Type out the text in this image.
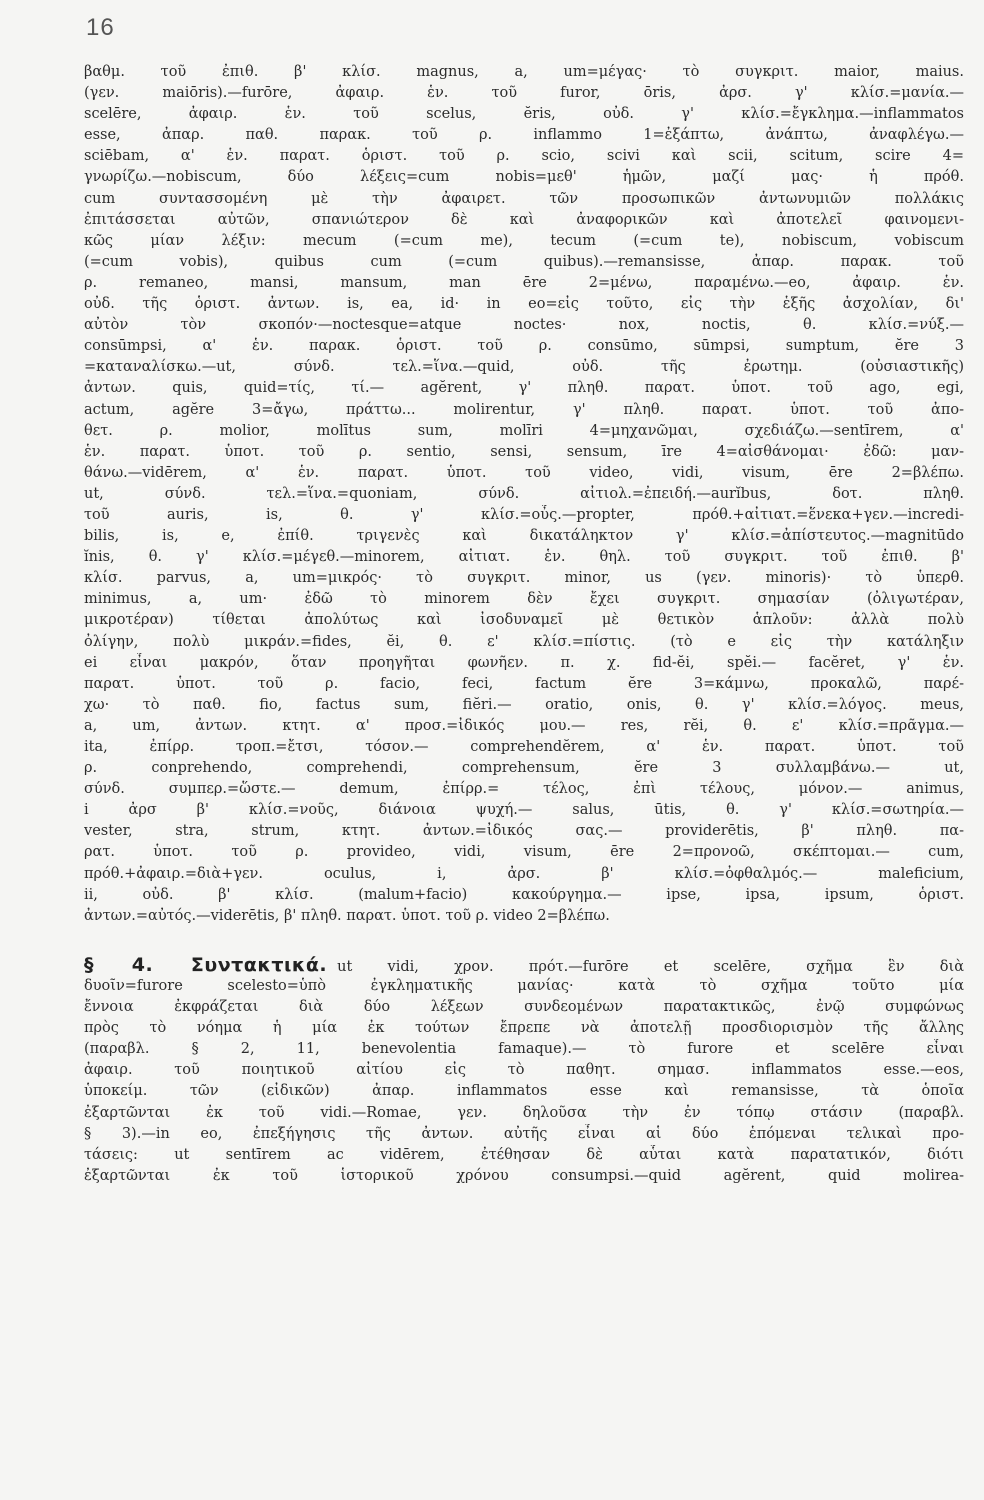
16
βαθμ. τοῦ ἐπιθ. β' κλίσ. magnus, a, um=μέγας· τὸ συγκριτ. maior, maius.
(γεν. maiōris).—furōre, ἀφαιρ. ἑν. τοῦ furor, ōris, ἀρσ. γ' κλίσ.=μανία.—
scelēre, ἀφαιρ. ἑν. τοῦ scelus, ĕris, οὐδ. γ' κλίσ.=ἔγκλημα.—inflammatos
esse, ἀπαρ. παθ. παρακ. τοῦ ρ. inflammo 1=ἐξάπτω, ἀνάπτω, ἀναφλέγω.—
sciēbam, α' ἑν. παρατ. ὁριστ. τοῦ ρ. scio, scivi καὶ scii, scitum, scire 4=
γνωρίζω.—nobiscum, δύο λέξεις=cum nobis=μεθ' ἡμῶν, μαζί μας· ἡ πρόθ.
cum συντασσομένη μὲ τὴν ἀφαιρετ. τῶν προσωπικῶν ἀντωνυμιῶν πολλάκις
ἐπιτάσσεται αὐτῶν, σπανιώτερον δὲ καὶ ἀναφορικῶν καὶ ἀποτελεῖ φαινομενι-
κῶς μίαν λέξιν: mecum (=cum me), tecum (=cum te), nobiscum, vobiscum
(=cum vobis), quibus cum (=cum quibus).—remansisse, ἀπαρ. παρακ. τοῦ
ρ. remaneo, mansi, mansum, man ēre 2=μένω, παραμένω.—eo, ἀφαιρ. ἑν.
οὐδ. τῆς ὁριστ. ἀντων. is, ea, id· in eo=εἰς τοῦτο, εἰς τὴν ἑξῆς ἀσχολίαν, δι'
αὐτὸν τὸν σκοπόν·—noctesque=atque noctes· nox, noctis, θ. κλίσ.=νύξ.—
consūmpsi, α' ἑν. παρακ. ὁριστ. τοῦ ρ. consūmo, sūmpsi, sumptum, ĕre 3
=καταναλίσκω.—ut, σύνδ. τελ.=ἵνα.—quid, οὐδ. τῆς ἐρωτημ. (οὐσιαστικῆς)
ἀντων. quis, quid=τίς, τί.— agĕrent, γ' πληθ. παρατ. ὑποτ. τοῦ ago, egi,
actum, agĕre 3=ἄγω, πράττω... molirentur, γ' πληθ. παρατ. ὑποτ. τοῦ ἀπο-
θετ. ρ. molior, molītus sum, molīri 4=μηχανῶμαι, σχεδιάζω.—sentīrem, α'
ἑν. παρατ. ὑποτ. τοῦ ρ. sentio, sensi, sensum, īre 4=αἰσθάνομαι· ἐδῶ: μαν-
θάνω.—vidērem, α' ἑν. παρατ. ὑποτ. τοῦ video, vidi, visum, ēre 2=βλέπω.
ut, σύνδ. τελ.=ἵνα.=quoniam, σύνδ. αἰτιολ.=ἐπειδή.—aurĭbus, δοτ. πληθ.
τοῦ auris, is, θ. γ' κλίσ.=οὖς.—propter, πρόθ.+αἰτιατ.=ἕνεκα+γεν.—incredi-
bilis, is, e, ἐπίθ. τριγενὲς καὶ δικατάληκτον γ' κλίσ.=ἀπίστευτος.—magnitūdo
ĭnis, θ. γ' κλίσ.=μέγεθ.—minorem, αἰτιατ. ἑν. θηλ. τοῦ συγκριτ. τοῦ ἐπιθ. β'
κλίσ. parvus, a, um=μικρός· τὸ συγκριτ. minor, us (γεν. minoris)· τὸ ὑπερθ.
minimus, a, um· ἐδῶ τὸ minorem δὲν ἔχει συγκριτ. σημασίαν (ὀλιγωτέραν,
μικροτέραν) τίθεται ἀπολύτως καὶ ἰσοδυναμεῖ μὲ θετικὸν ἁπλοῦν: ἀλλὰ πολὺ
ὀλίγην, πολὺ μικράν.=fides, ĕi, θ. ε' κλίσ.=πίστις. (τὸ e εἰς τὴν κατάληξιν
ei εἶναι μακρόν, ὅταν προηγῆται φωνῆεν. π. χ. fid-ĕi, spĕi.— facĕret, γ' ἑν.
παρατ. ὑποτ. τοῦ ρ. facio, feci, factum ĕre 3=κάμνω, προκαλῶ, παρέ-
χω· τὸ παθ. fio, factus sum, fiĕri.— oratio, onis, θ. γ' κλίσ.=λόγος. meus,
a, um, ἀντων. κτητ. α' προσ.=ἰδικός μου.— res, rĕi, θ. ε' κλίσ.=πρᾶγμα.—
ita, ἐπίρρ. τροπ.=ἔτσι, τόσον.— comprehendĕrem, α' ἑν. παρατ. ὑποτ. τοῦ
ρ. conprehendo, comprehendi, comprehensum, ĕre 3 συλλαμβάνω.— ut,
σύνδ. συμπερ.=ὥστε.— demum, ἐπίρρ.= τέλος, ἐπὶ τέλους, μόνον.— animus,
i ἀρσ β' κλίσ.=νοῦς, διάνοια ψυχή.— salus, ūtis, θ. γ' κλίσ.=σωτηρία.—
vester, stra, strum, κτητ. ἀντων.=ἰδικός σας.— providerētis, β' πληθ. πα-
ρατ. ὑποτ. τοῦ ρ. provideo, vidi, visum, ēre 2=προνοῶ, σκέπτομαι.— cum,
πρόθ.+ἀφαιρ.=διὰ+γεν. oculus, i, ἀρσ. β' κλίσ.=ὀφθαλμός.— maleficium,
ii, οὐδ. β' κλίσ. (malum+facio) κακούργημα.— ipse, ipsa, ipsum, ὁριστ.
ἀντων.=αὐτός.—viderētis, β' πληθ. παρατ. ὑποτ. τοῦ ρ. video 2=βλέπω.
§ 4. Συντακτικά. ut vidi, χρον. πρότ.—furōre et scelēre, σχῆμα ἓν διὰ
δυοῖν=furore scelesto=ὑπὸ ἐγκληματικῆς μανίας· κατὰ τὸ σχῆμα τοῦτο μία
ἔννοια ἐκφράζεται διὰ δύο λέξεων συνδεομένων παρατακτικῶς, ἐνῷ συμφώνως
πρὸς τὸ νόημα ἡ μία ἐκ τούτων ἔπρεπε νὰ ἀποτελῇ προσδιορισμὸν τῆς ἄλλης
(παραβλ. § 2, 11, benevolentia famaque).— τὸ furore et scelēre εἶναι
ἀφαιρ. τοῦ ποιητικοῦ αἰτίου εἰς τὸ παθητ. σημασ. inflammatos esse.—eos,
ὑποκείμ. τῶν (εἰδικῶν) ἀπαρ. inflammatos esse καὶ remansisse, τὰ ὁποῖα
ἐξαρτῶνται ἐκ τοῦ vidi.—Romae, γεν. δηλοῦσα τὴν ἐν τόπῳ στάσιν (παραβλ.
§ 3).—in eo, ἐπεξήγησις τῆς ἀντων. αὐτῆς εἶναι αἱ δύο ἑπόμεναι τελικαὶ προ-
τάσεις: ut sentīrem ac vidērem, ἐτέθησαν δὲ αὗται κατὰ παρατατικόν, διότι
ἐξαρτῶνται ἐκ τοῦ ἱστορικοῦ χρόνου consumpsi.—quid agĕrent, quid molirea-
